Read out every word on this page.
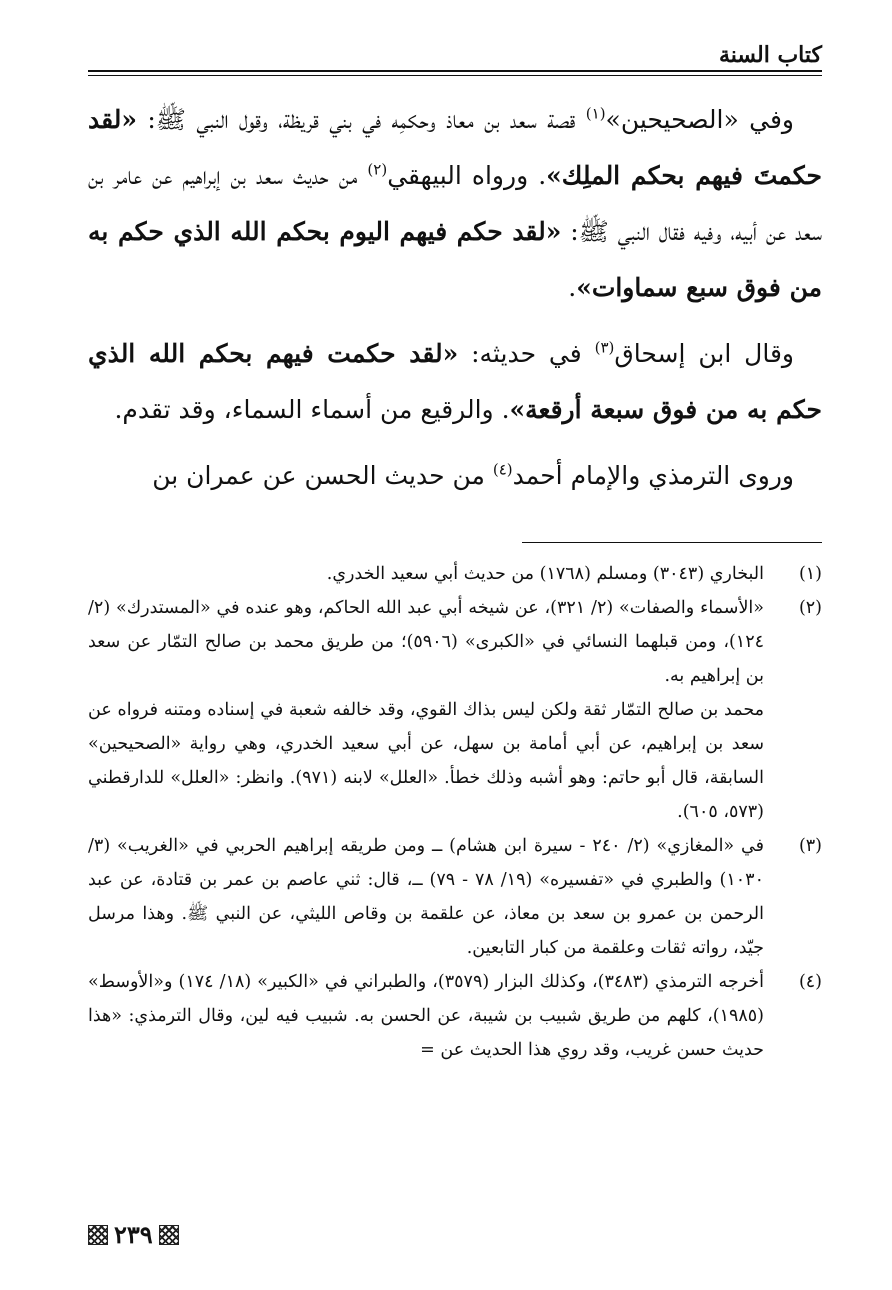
كتاب السنة

وفي «الصحيحين»$^{(١)}$ قصة سعد بن معاذ وحكمِه في بني قريظة، وقول النبي ﷺ: «لقد حكمتَ فيهم بحكم الملِك». ورواه البيهقي$^{(٢)}$ من حديث سعد بن إبراهيم عن عامر بن سعد عن أبيه، وفيه فقال النبي ﷺ: «لقد حكم فيهم اليوم بحكم الله الذي حكم به من فوق سبع سماوات».

وقال ابن إسحاق$^{(٣)}$ في حديثه: «لقد حكمت فيهم بحكم الله الذي حكم به من فوق سبعة أرقعة». والرقيع من أسماء السماء، وقد تقدم.

وروى الترمذي والإمام أحمد$^{(٤)}$ من حديث الحسن عن عمران بن

(١)

البخاري (٣٠٤٣) ومسلم (١٧٦٨) من حديث أبي سعيد الخدري.

(٢)

«الأسماء والصفات» (٢/ ٣٢١)، عن شيخه أبي عبد الله الحاكم، وهو عنده في «المستدرك» (٢/ ١٢٤)، ومن قبلهما النسائي في «الكبرى» (٥٩٠٦)؛ من طريق محمد بن صالح التمّار عن سعد بن إبراهيم به.

محمد بن صالح التمّار ثقة ولكن ليس بذاك القوي، وقد خالفه شعبة في إسناده ومتنه فرواه عن سعد بن إبراهيم، عن أبي أمامة بن سهل، عن أبي سعيد الخدري، وهي رواية «الصحيحين» السابقة، قال أبو حاتم: وهو أشبه وذلك خطأ. «العلل» لابنه (٩٧١). وانظر: «العلل» للدارقطني (٥٧٣، ٦٠٥).

(٣)

في «المغازي» (٢/ ٢٤٠ - سيرة ابن هشام) ــ ومن طريقه إبراهيم الحربي في «الغريب» (٣/ ١٠٣٠) والطبري في «تفسيره» (١٩/ ٧٨ - ٧٩) ــ، قال: ثني عاصم بن عمر بن قتادة، عن عبد الرحمن بن عمرو بن سعد بن معاذ، عن علقمة بن وقاص الليثي، عن النبي ﷺ. وهذا مرسل جيّد، رواته ثقات وعلقمة من كبار التابعين.

(٤)

أخرجه الترمذي (٣٤٨٣)، وكذلك البزار (٣٥٧٩)، والطبراني في «الكبير» (١٨/ ١٧٤) و«الأوسط» (١٩٨٥)، كلهم من طريق شبيب بن شيبة، عن الحسن به. شبيب فيه لين، وقال الترمذي: «هذا حديث حسن غريب، وقد روي هذا الحديث عن =

٢٣٩
